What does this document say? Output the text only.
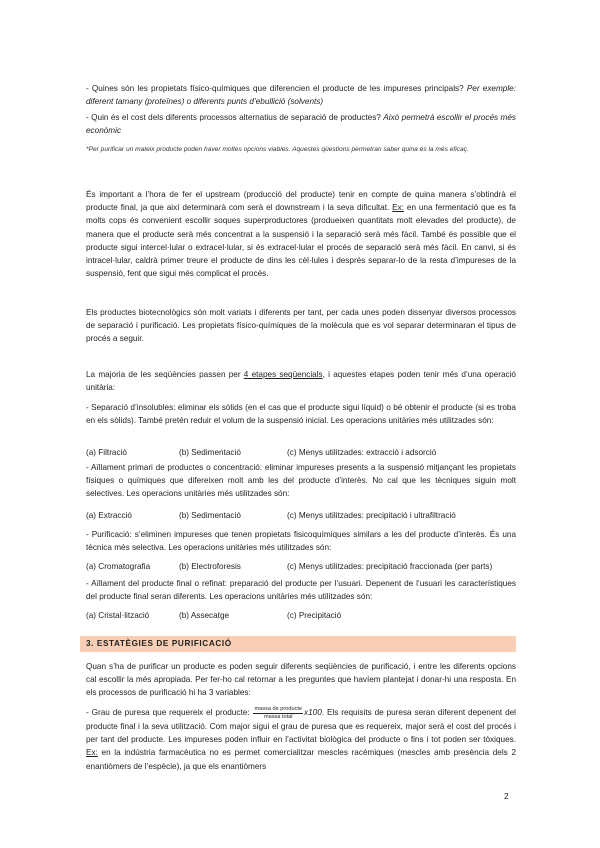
- Quines són les propietats físico-químiques que diferencien el producte de les impureses principals? Per exemple: diferent tamany (proteïnes) o diferents punts d’ebullició (solvents)

- Quin és el cost dels diferents processos alternatius de separació de productes? Això permetrà escollir el procés més econòmic

*Per purificar un mateix producte poden haver moltes opcions viables. Aquestes qüestions permetran saber quina és la més eficaç.

És important a l’hora de fer el upstream (producció del producte) tenir en compte de quina manera s’obtindrà el producte final, ja que així determinarà com serà el downstream i la seva dificultat. Ex: en una fermentació que es fa molts cops és convenient escollir soques superproductores (produeixen quantitats molt elevades del producte), de manera que el producte serà més concentrat a la suspensió i la separació serà més fàcil. També és possible que el producte sigui intercel·lular o extracel·lular, si és extracel·lular el procés de separació serà més fàcil. En canvi, si és intracel·lular, caldrà primer treure el producte de dins les cèl·lules i després separar-lo de la resta d’impureses de la suspensió, fent que sigui més complicat el procés.

Els productes biotecnològics són molt variats i diferents per tant, per cada unes poden dissenyar diversos processos de separació i purificació. Les propietats físico-químiques de la molècula que es vol separar determinaran el tipus de procés a seguir.

La majoria de les seqüències passen per 4 etapes seqüencials, i aquestes etapes poden tenir més d’una operació unitària:

- Separació d’insolubles: eliminar els sòlids (en el cas que el producte sigui líquid) o bé obtenir el producte (si es troba en els sòlids). També pretén reduir el volum de la suspensió inicial. Les operacions unitàries més utilitzades són:

(a) Filtració	(b) Sedimentació	(c) Menys utilitzades: extracció i adsorció

- Aïllament primari de productes o concentració: eliminar impureses presents a la suspensió mitjançant les propietats físiques o químiques que difereixen molt amb les del producte d’interès. No cal que les tècniques siguin molt selectives. Les operacions unitàries més utilitzades són:

(a) Extracció	(b) Sedimentació	(c) Menys utilitzades: precipitació i ultrafiltració

- Purificació: s’eliminen impureses que tenen propietats fisicoquímiques similars a les del producte d’interès. És una tècnica més selectiva. Les operacions unitàries més utilitzades són:

(a) Cromatografia	(b) Electroforesis	(c) Menys utilitzades: precipitació fraccionada (per parts)

- Aïllament del producte final o refinat: preparació del producte per l’usuari. Depenent de l’usuari les característiques del producte final seran diferents. Les operacions unitàries més utilitzades són:

(a) Cristal·lització	(b) Assecatge	(c) Precipitació
3. ESTATÈGIES DE PURIFICACIÓ

Quan s’ha de purificar un producte es poden seguir diferents seqüències de purificació, i entre les diferents opcions cal escollir la més apropiada. Per fer-ho cal retornar a les preguntes que havíem plantejat i donar-hi una resposta. En els processos de purificació hi ha 3 variables:

- Grau de puresa que requereix el producte: $\frac{\text{massa de producte}}{\text{massa total}} x100$. Els requisits de puresa seran diferent depenent del producte final i la seva utilització. Com major sigui el grau de puresa que es requereix, major serà el cost del procés i per tant del producte. Les impureses poden influir en l’activitat biològica del producte o fins i tot poden ser tòxiques. Ex: en la indústria farmacèutica no es permet comercialitzar mescles racèmiques (mescles amb presència dels 2 enantiòmers de l’espècie), ja que els enantiòmers

2
